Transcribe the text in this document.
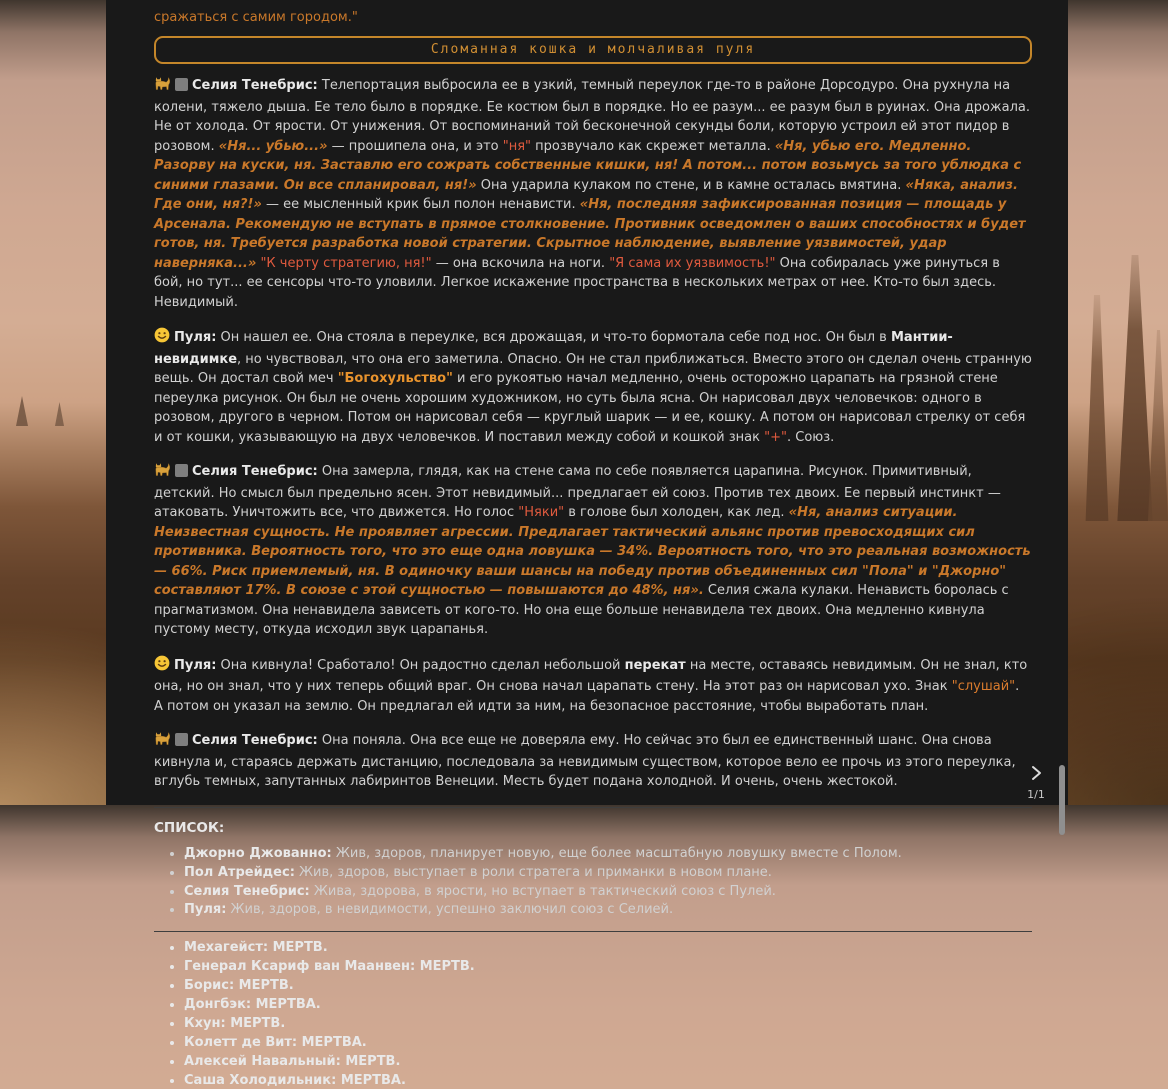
сражаться с самим городом."
Сломанная кошка и молчаливая пуля

Селия Тенебрис: Телепортация выбросила ее в узкий, темный переулок где-то в районе Дорсодуро. Она рухнула на колени, тяжело дыша. Ее тело было в порядке. Ее костюм был в порядке. Но ее разум... ее разум был в руинах. Она дрожала. Не от холода. От ярости. От унижения. От воспоминаний той бесконечной секунды боли, которую устроил ей этот пидор в розовом. «Ня... убью...» — прошипела она, и это "ня" прозвучало как скрежет металла. «Ня, убью его. Медленно. Разорву на куски, ня. Заставлю его сожрать собственные кишки, ня! А потом... потом возьмусь за того ублюдка с синими глазами. Он все спланировал, ня!» Она ударила кулаком по стене, и в камне осталась вмятина. «Няка, анализ. Где они, ня?!» — ее мысленный крик был полон ненависти. «Ня, последняя зафиксированная позиция — площадь у Арсенала. Рекомендую не вступать в прямое столкновение. Противник осведомлен о ваших способностях и будет готов, ня. Требуется разработка новой стратегии. Скрытное наблюдение, выявление уязвимостей, удар наверняка...» "К черту стратегию, ня!" — она вскочила на ноги. "Я сама их уязвимость!" Она собиралась уже ринуться в бой, но тут... ее сенсоры что-то уловили. Легкое искажение пространства в нескольких метрах от нее. Кто-то был здесь. Невидимый.

Пуля: Он нашел ее. Она стояла в переулке, вся дрожащая, и что-то бормотала себе под нос. Он был в Мантии-невидимке, но чувствовал, что она его заметила. Опасно. Он не стал приближаться. Вместо этого он сделал очень странную вещь. Он достал свой меч "Богохульство" и его рукоятью начал медленно, очень осторожно царапать на грязной стене переулка рисунок. Он был не очень хорошим художником, но суть была ясна. Он нарисовал двух человечков: одного в розовом, другого в черном. Потом он нарисовал себя — круглый шарик — и ее, кошку. А потом он нарисовал стрелку от себя и от кошки, указывающую на двух человечков. И поставил между собой и кошкой знак "+". Союз.

Селия Тенебрис: Она замерла, глядя, как на стене сама по себе появляется царапина. Рисунок. Примитивный, детский. Но смысл был предельно ясен. Этот невидимый... предлагает ей союз. Против тех двоих. Ее первый инстинкт — атаковать. Уничтожить все, что движется. Но голос "Няки" в голове был холоден, как лед. «Ня, анализ ситуации. Неизвестная сущность. Не проявляет агрессии. Предлагает тактический альянс против превосходящих сил противника. Вероятность того, что это еще одна ловушка — 34%. Вероятность того, что это реальная возможность — 66%. Риск приемлемый, ня. В одиночку ваши шансы на победу против объединенных сил "Пола" и "Джорно" составляют 17%. В союзе с этой сущностью — повышаются до 48%, ня». Селия сжала кулаки. Ненависть боролась с прагматизмом. Она ненавидела зависеть от кого-то. Но она еще больше ненавидела тех двоих. Она медленно кивнула пустому месту, откуда исходил звук царапанья.

Пуля: Она кивнула! Сработало! Он радостно сделал небольшой перекат на месте, оставаясь невидимым. Он не знал, кто она, но он знал, что у них теперь общий враг. Он снова начал царапать стену. На этот раз он нарисовал ухо. Знак "слушай". А потом он указал на землю. Он предлагал ей идти за ним, на безопасное расстояние, чтобы выработать план.

Селия Тенебрис: Она поняла. Она все еще не доверяла ему. Но сейчас это был ее единственный шанс. Она снова кивнула и, стараясь держать дистанцию, последовала за невидимым существом, которое вело ее прочь из этого переулка, вглубь темных, запутанных лабиринтов Венеции. Месть будет подана холодной. И очень, очень жестокой.

СПИСОК:
• Джорно Джованно: Жив, здоров, планирует новую, еще более масштабную ловушку вместе с Полом.
• Пол Атрейдес: Жив, здоров, выступает в роли стратега и приманки в новом плане.
• Селия Тенебрис: Жива, здорова, в ярости, но вступает в тактический союз с Пулей.
• Пуля: Жив, здоров, в невидимости, успешно заключил союз с Селией.
• Мехагейст: МЕРТВ.
• Генерал Ксариф ван Маанвен: МЕРТВ.
• Борис: МЕРТВ.
• Донгбэк: МЕРТВА.
• Кхун: МЕРТВ.
• Колетт де Вит: МЕРТВА.
• Алексей Навальный: МЕРТВ.
• Саша Холодильник: МЕРТВА.
1/1
